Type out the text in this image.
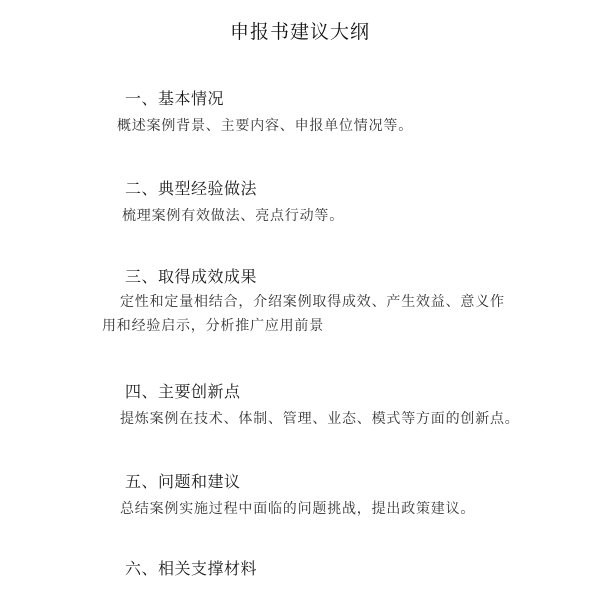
申报书建议大纲
一、基本情况
概述案例背景、主要内容、申报单位情况等。
二、典型经验做法
梳理案例有效做法、亮点行动等。
三、取得成效成果
定性和定量相结合，介绍案例取得成效、产生效益、意义作
用和经验启示，分析推广应用前景
四、主要创新点
提炼案例在技术、体制、管理、业态、模式等方面的创新点。
五、问题和建议
总结案例实施过程中面临的问题挑战，提出政策建议。
六、相关支撑材料
